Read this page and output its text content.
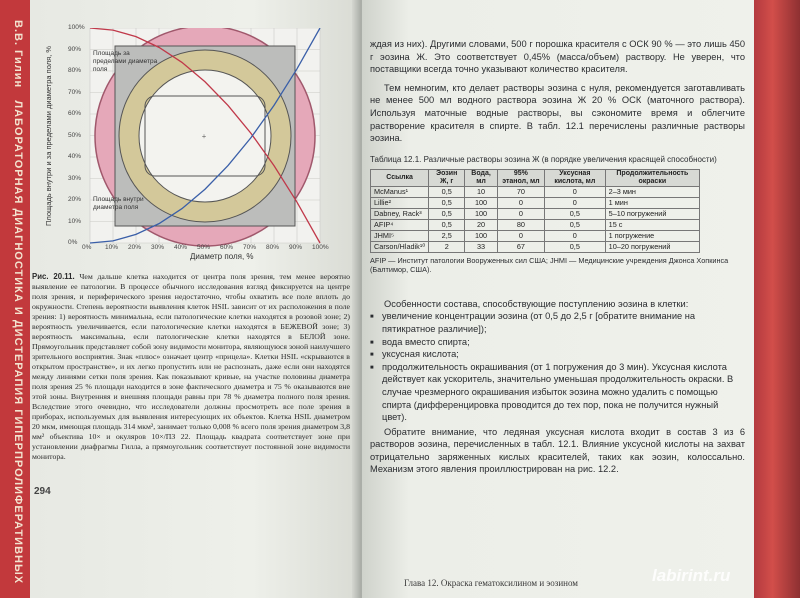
В.В. Гилин   ЛАБОРАТОРНАЯ ДИАГНОСТИКА И ДИСТЕРАПИЯ ГИПЕРПРОЛИФЕРАТИВНЫХ	+
Площадь за пределами диаметра поля
Площадь внутри диаметра поля
Площадь внутри и за пределами диаметра поля, %
Диаметр поля, %
0% 10% 20% 30% 40% 50% 60% 70% 80% 90% 100%
0%
10%
20%
30%
40%
50%
60%
70%
80%
90%
100%
Рис. 20.11. Чем дальше клетка находится от центра поля зрения, тем менее вероятно выявление ее патологии. В процессе обычного исследования взгляд фиксируется на центре поля зрения, и периферического зрения недостаточно, чтобы охватить все поле вплоть до окружности. Степень вероятности выявления клеток HSIL зависит от их расположения в поле зрения: 1) вероятность минимальна, если патологические клетки находятся в розовой зоне; 2) вероятность увеличивается, если патологические клетки находятся в БЕЖЕВОЙ зоне; 3) вероятность максимальна, если патологические клетки находятся в БЕЛОЙ зоне. Прямоугольник представляет собой зону видимости монитора, являющуюся зоной наилучшего зрительного восприятия. Знак «плюс» означает центр «прицела». Клетки HSIL «скрываются в открытом пространстве», и их легко пропустить или не распознать, даже если они находятся между линиями сетки поля зрения. Как показывают кривые, на участке половины диаметра поля зрения 25 % площади находится в зоне фактического диаметра и 75 % оказываются вне этой зоны. Внутренняя и внешняя площади равны при 78 % диаметра полного поля зрения. Вследствие этого очевидно, что исследователи должны просмотреть все поле зрения в приборах, используемых для выявления интересующих их объектов. Клетка HSIL диаметром 20 мкм, имеющая площадь 314 мкм², занимает только 0,008 % всего поля зрения диаметром 3,8 мм² объектива 10× и окуляров 10×/ПЗ 22. Площадь квадрата соответствует зоне при установлении диафрагмы Гилла, а прямоугольник соответствует постоянной зоне видимости монитора.
294

ждая из них). Другими словами, 500 г порошка красителя с ОСК 90 % — это лишь 450 г эозина Ж. Это соответствует 0,45% (масса/объем) раствору. Не уверен, что поставщики всегда точно указывают количество красителя.

Тем немногим, кто делает растворы эозина с нуля, рекомендуется заготавливать не менее 500 мл водного раствора эозина Ж 20 % ОСК (маточного раствора). Используя маточные водные растворы, вы сэкономите время и облегчите растворение красителя в спирте. В табл. 12.1 перечислены различные растворы эозина.

Таблица 12.1. Различные растворы эозина Ж (в порядке увеличения красящей способности)
Ссылка	Эозин Ж, г	Вода, мл	95% этанол, мл	Уксусная кислота, мл	Продолжительность окраски
McManus¹	0,5	10	70	0	2–3 мин
Lillie²	0,5	100	0	0	1 мин
Dabney, Rack³	0,5	100	0	0,5	5–10 погружений
AFIP⁴	0,5	20	80	0,5	15 с
JHMI⁵	2,5	100	0	0	1 погружение
Carson/Hladik¹⁰	2	33	67	0,5	10–20 погружений
AFIP — Институт патологии Вооруженных сил США; JHMI — Медицинские учреждения Джонса Хопкинса (Балтимор, США).

Особенности состава, способствующие поступлению эозина в клетки:

■ увеличение концентрации эозина (от 0,5 до 2,5 г [обратите внимание на пятикратное различие]);
■ вода вместо спирта;
■ уксусная кислота;
■ продолжительность окрашивания (от 1 погружения до 3 мин). Уксусная кислота действует как ускоритель, значительно уменьшая продолжительность окраски. В случае чрезмерного окрашивания избыток эозина можно удалить с помощью спирта (дифференцировка проводится до тех пор, пока не получится нужный цвет).

Обратите внимание, что ледяная уксусная кислота входит в состав 3 из 6 растворов эозина, перечисленных в табл. 12.1. Влияние уксусной кислоты на захват отрицательно заряженных кислых красителей, таких как эозин, колоссально. Механизм этого явления проиллюстрирован на рис. 12.2.

Глава 12. Окраска гематоксилином и эозином	labirint.ru
